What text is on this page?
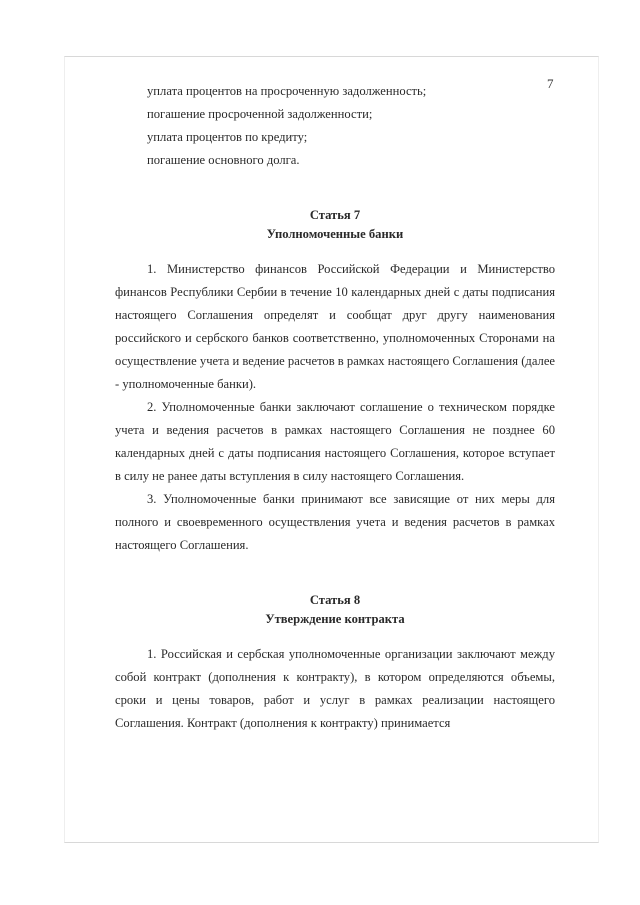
7

уплата процентов на просроченную задолженность;

погашение просроченной задолженности;

уплата процентов по кредиту;

погашение основного долга.

Статья 7

Уполномоченные банки

1. Министерство финансов Российской Федерации и Министерство финансов Республики Сербии в течение 10 календарных дней с даты подписания настоящего Соглашения определят и сообщат друг другу наименования российского и сербского банков соответственно, уполномоченных Сторонами на осуществление учета и ведение расчетов в рамках настоящего Соглашения (далее - уполномоченные банки).

2. Уполномоченные банки заключают соглашение о техническом порядке учета и ведения расчетов в рамках настоящего Соглашения не позднее 60 календарных дней с даты подписания настоящего Соглашения, которое вступает в силу не ранее даты вступления в силу настоящего Соглашения.

3. Уполномоченные банки принимают все зависящие от них меры для полного и своевременного осуществления учета и ведения расчетов в рамках настоящего Соглашения.

Статья 8

Утверждение контракта

1. Российская и сербская уполномоченные организации заключают между собой контракт (дополнения к контракту), в котором определяются объемы, сроки и цены товаров, работ и услуг в рамках реализации настоящего Соглашения. Контракт (дополнения к контракту) принимается
